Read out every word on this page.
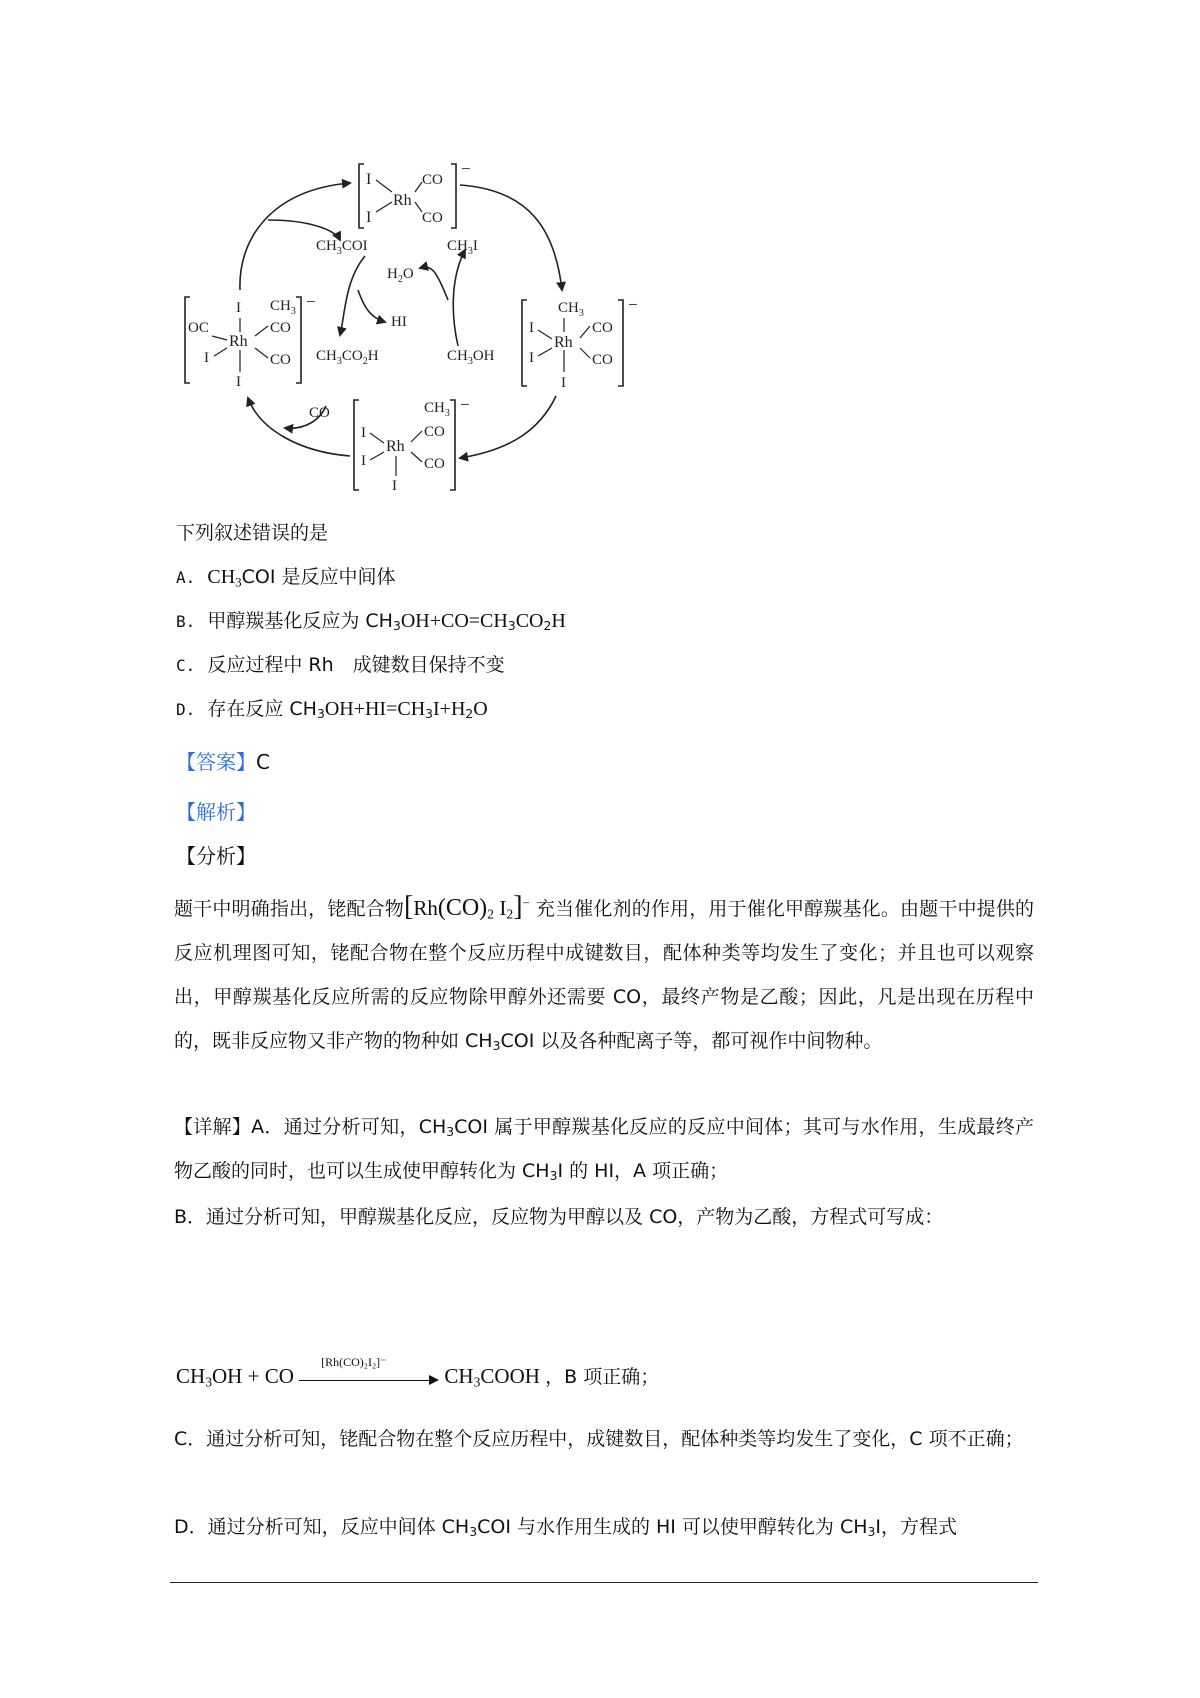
−
I
I
Rh
CO
CO
−
I $CH_3$
OC
Rh
CO
I	CO
I
−
$CH_3$
I
I
Rh
CO
CO
I
−
$CH_3$
CO
I
I
Rh
CO
I
$CH_3COI$	$CH_3I$
$H_2O$
HI
$CH_3CO_2H$	$CH_3OH$
CO
下列叙述错误的是
A. $CH_3COI$ 是反应中间体
B. 甲醇羰基化反应为 $CH_3OH+CO=CH_3CO_2H$
C. 反应过程中 Rh　成键数目保持不变
D. 存在反应 $CH_3OH+HI=CH_3I+H_2O$
【答案】C
【解析】
【分析】

题干中明确指出，铑配合物[$Rh(CO)_2$ $I_2]^-$ 充当催化剂的作用，用于催化甲醇羰基化。由题干中提供的反应机理图可知，铑配合物在整个反应历程中成键数目，配体种类等均发生了变化；并且也可以观察出，甲醇羰基化反应所需的反应物除甲醇外还需要 CO，最终产物是乙酸；因此，凡是出现在历程中的，既非反应物又非产物的物种如 $CH_3COI$ 以及各种配离子等，都可视作中间物种。

【详解】A．通过分析可知，$CH_3COI$ 属于甲醇羰基化反应的反应中间体；其可与水作用，生成最终产物乙酸的同时，也可以生成使甲醇转化为 $CH_3I$ 的 HI，A 项正确；

B．通过分析可知，甲醇羰基化反应，反应物为甲醇以及 CO，产物为乙酸，方程式可写成：

$CH_3OH$ + CO
[Rh(CO)₂I₂]⁻
$CH_3COOH$ ，B 项正确；

C．通过分析可知，铑配合物在整个反应历程中，成键数目，配体种类等均发生了变化，C 项不正确；

D．通过分析可知，反应中间体 $CH_3COI$ 与水作用生成的 HI 可以使甲醇转化为 $CH_3I$，方程式
